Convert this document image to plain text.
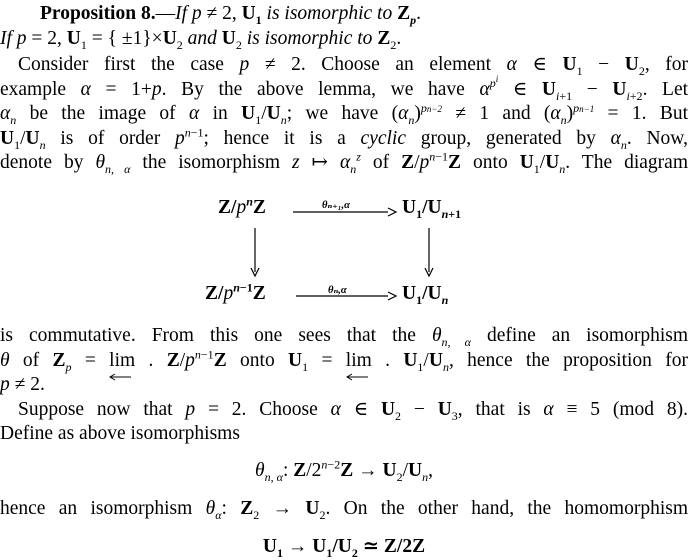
Proposition 8.—If p ≠ 2, $U_1$ is isomorphic to $Z_p$.
If p = 2, $U_1$ = { $\pm 1\}\times U_2$ and $U_2$ is isomorphic to $Z_2$.
Consider first the case p ≠ 2. Choose an element α ∈ $U_1 - U_2$, for
example α = 1+p. By the above lemma, we have $\alpha^{p^i}$ ∈ $U_{i+1} - U_{i+2}$. Let
$\alpha_n$ be the image of α in $U_1/U_n$; we have $(\alpha_n)^{pn-2} \ne 1$ and $(\alpha_n)^{pn-1} = 1$. But
$U_1/U_n$ is of order $p^{n-1}$; hence it is a cyclic group, generated by $\alpha_n$. Now,
denote by $\theta_{n, \alpha}$ the isomorphism z ↦ $\alpha_n^z$ of $Z/p^{n-1}Z$ onto $U_1/U_n$. The diagram
$Z/p^nZ$	$U_1/U_{n+1}$
$Z/p^{n-1}Z$	$U_1/U_n$
θₙ₊₁,α
θₙ,α
is commutative. From this one sees that the $\theta_{n, \alpha}$ define an isomorphism
θ of $Z_p = \lim$
. $Z/p^{n-1}Z$ onto $U_1 = \lim$
. $U_1/U_n$, hence the proposition for
p ≠ 2.
Suppose now that p = 2. Choose α ∈ $U_2 - U_3$, that is α ≡ 5 (mod 8).
Define as above isomorphisms
$\theta_{n, \alpha}$: $Z/2^{n-2}Z \to U_2/U_n$,
hence an isomorphism $\theta_\alpha$: $Z_2 \to U_2$. On the other hand, the homomorphism
$U_1 \to U_1/U_2$ ≃ Z/2Z
